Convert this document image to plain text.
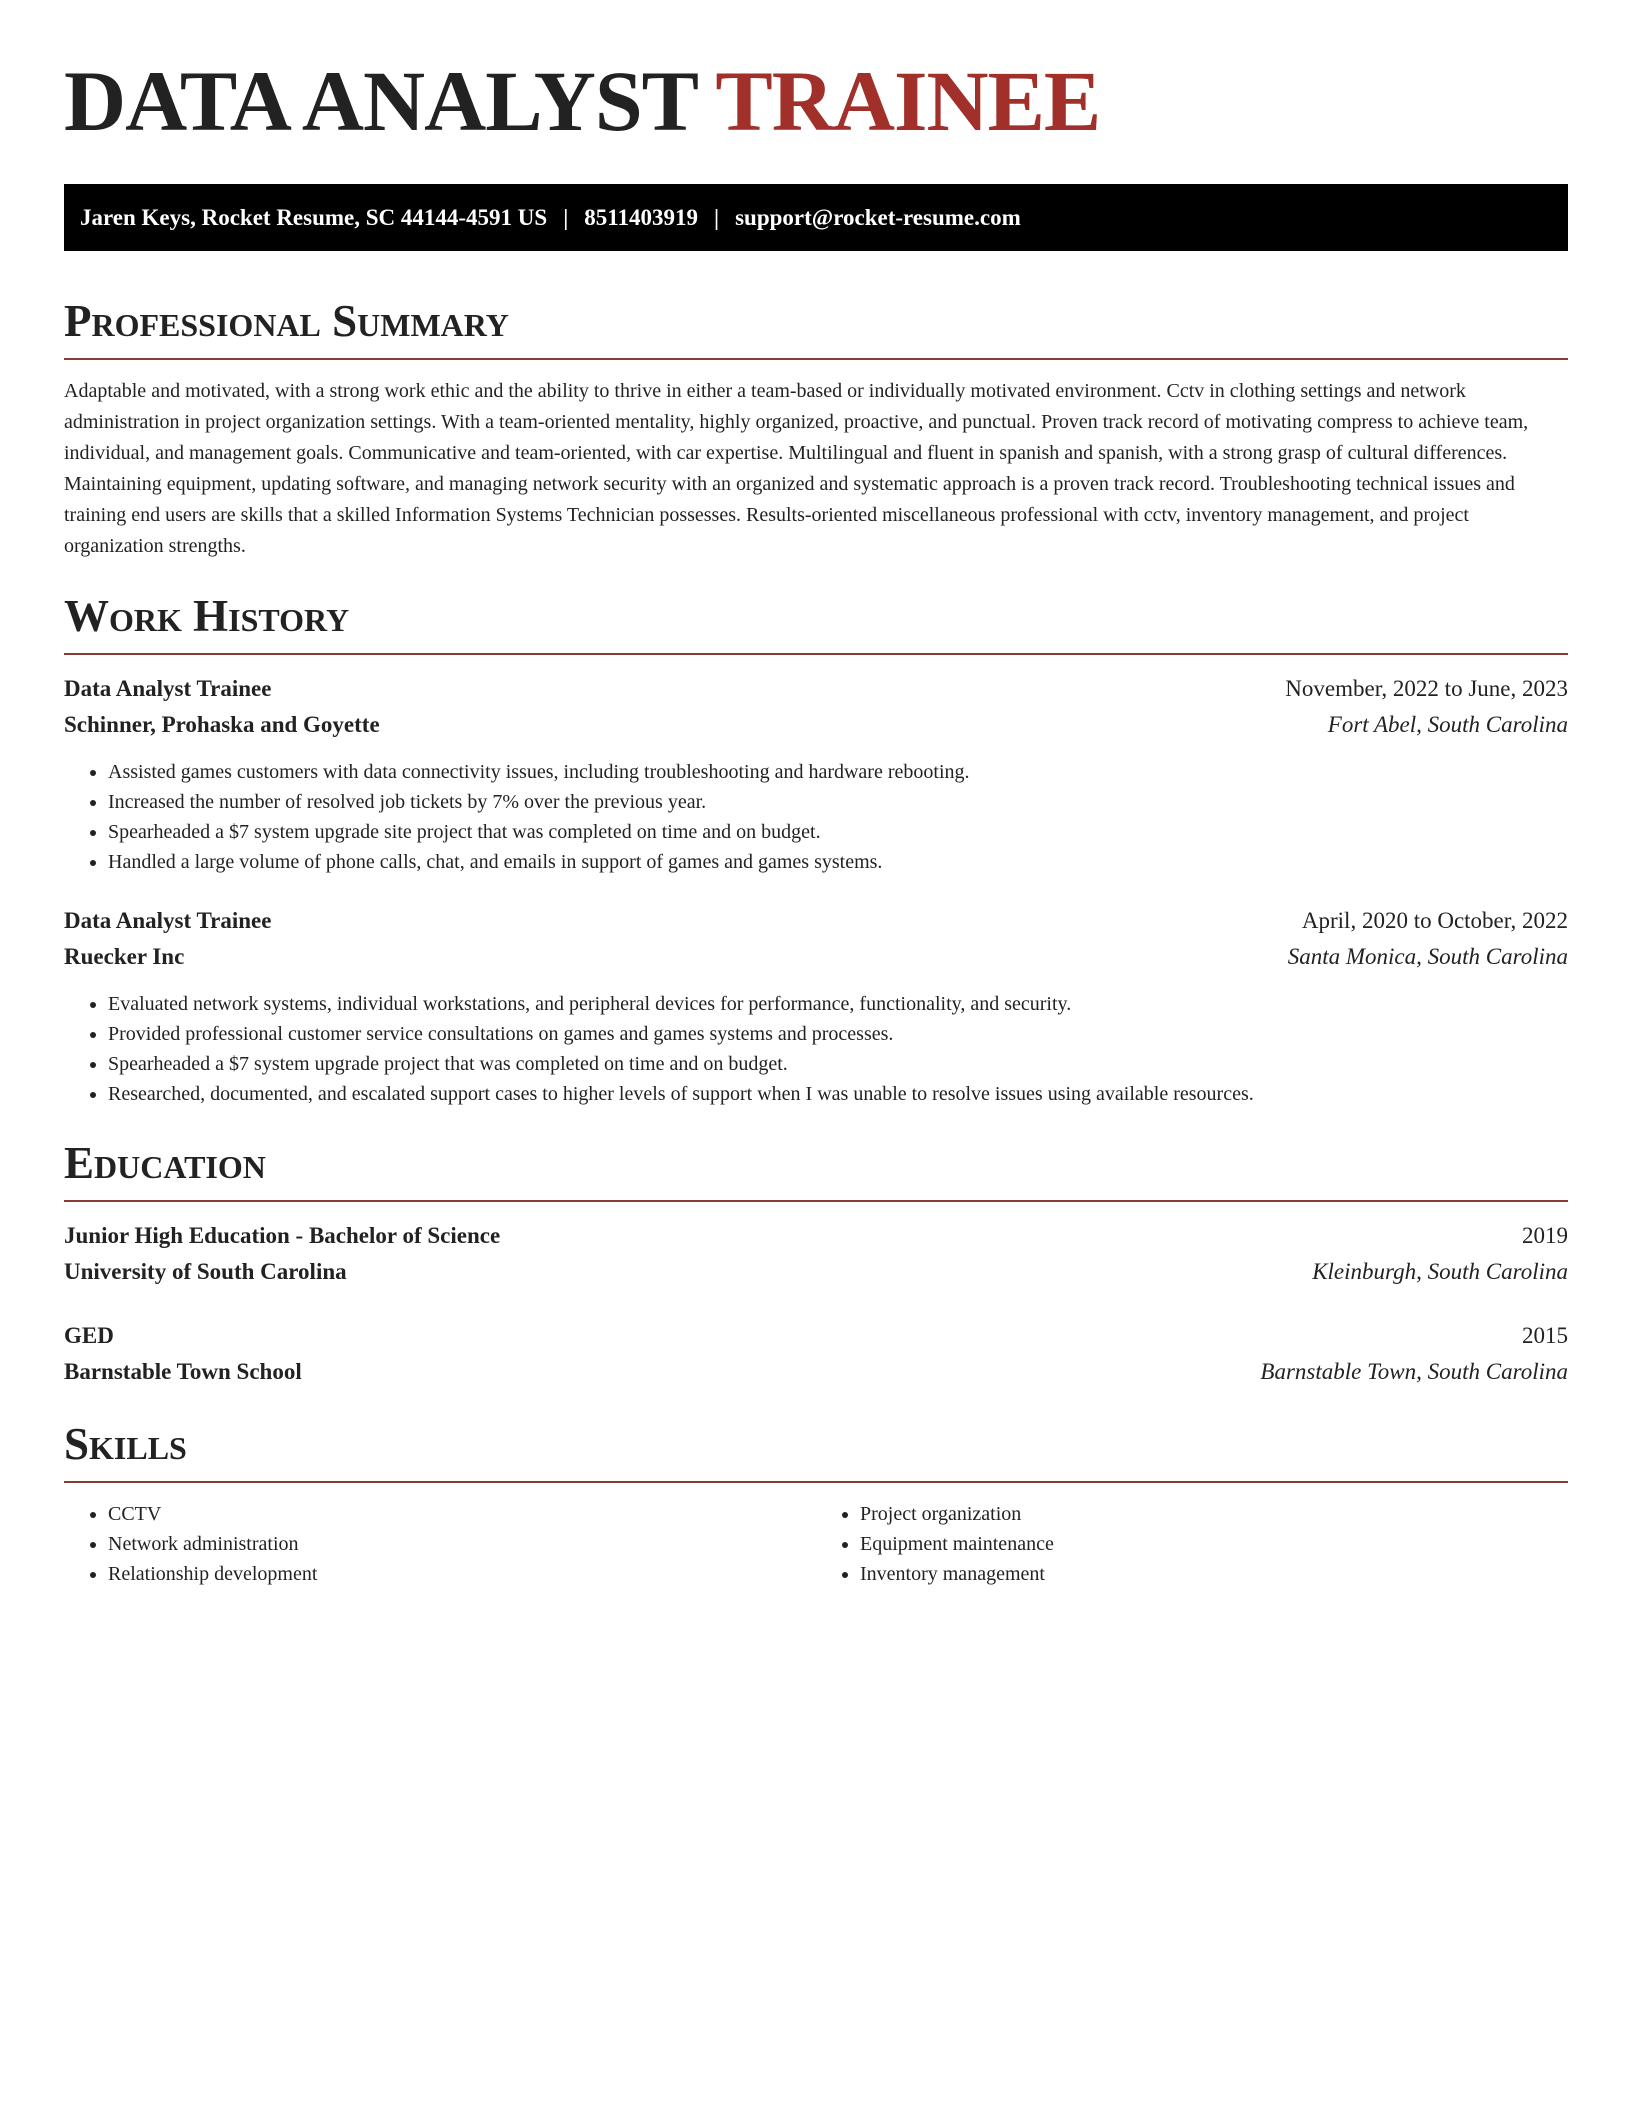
DATA ANALYST TRAINEE
Jaren Keys, Rocket Resume, SC 44144-4591 US | 8511403919 | support@rocket-resume.com
Professional Summary

Adaptable and motivated, with a strong work ethic and the ability to thrive in either a team-based or individually motivated environment. Cctv in clothing settings and network administration in project organization settings. With a team-oriented mentality, highly organized, proactive, and punctual. Proven track record of motivating compress to achieve team, individual, and management goals. Communicative and team-oriented, with car expertise. Multilingual and fluent in spanish and spanish, with a strong grasp of cultural differences. Maintaining equipment, updating software, and managing network security with an organized and systematic approach is a proven track record. Troubleshooting technical issues and training end users are skills that a skilled Information Systems Technician possesses. Results-oriented miscellaneous professional with cctv, inventory management, and project organization strengths.

Work History
Data Analyst Trainee	November, 2022 to June, 2023
Schinner, Prohaska and Goyette	Fort Abel, South Carolina
• Assisted games customers with data connectivity issues, including troubleshooting and hardware rebooting.
• Increased the number of resolved job tickets by 7% over the previous year.
• Spearheaded a $7 system upgrade site project that was completed on time and on budget.
• Handled a large volume of phone calls, chat, and emails in support of games and games systems.
Data Analyst Trainee	April, 2020 to October, 2022
Ruecker Inc	Santa Monica, South Carolina
• Evaluated network systems, individual workstations, and peripheral devices for performance, functionality, and security.
• Provided professional customer service consultations on games and games systems and processes.
• Spearheaded a $7 system upgrade project that was completed on time and on budget.
• Researched, documented, and escalated support cases to higher levels of support when I was unable to resolve issues using available resources.
Education
Junior High Education - Bachelor of Science	2019
University of South Carolina	Kleinburgh, South Carolina
GED	2015
Barnstable Town School	Barnstable Town, South Carolina
Skills
• CCTV
• Network administration
• Relationship development
• Project organization
• Equipment maintenance
• Inventory management
